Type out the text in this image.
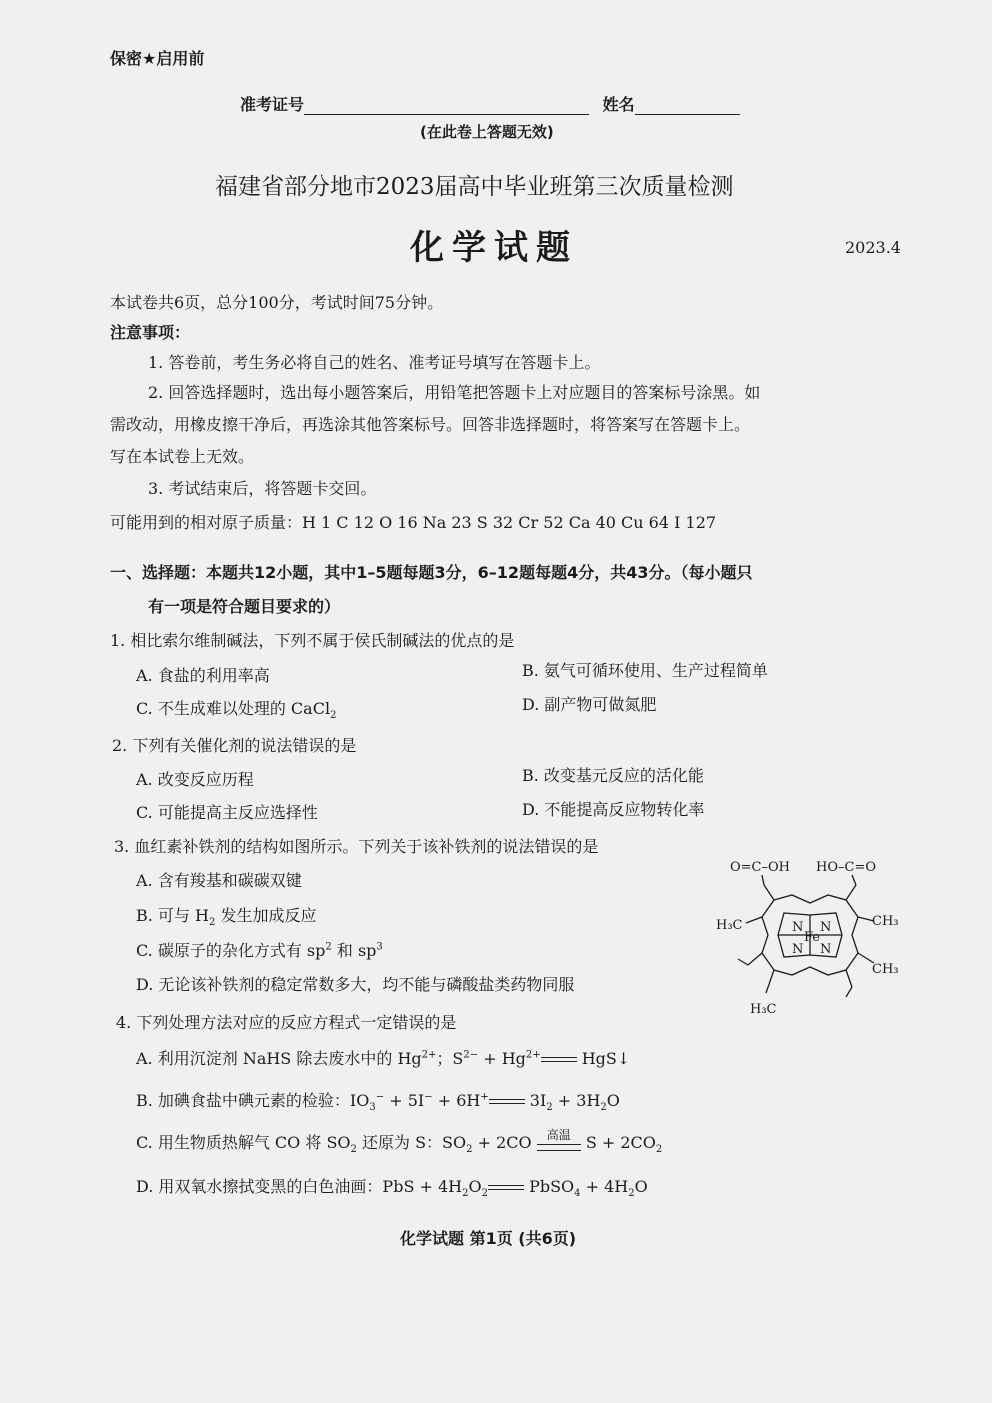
保密★启用前
准考证号	姓名
(在此卷上答题无效)
福建省部分地市2023届高中毕业班第三次质量检测
化学试题	2023.4
本试卷共6页，总分100分，考试时间75分钟。
注意事项：
1. 答卷前，考生务必将自己的姓名、准考证号填写在答题卡上。
2. 回答选择题时，选出每小题答案后，用铅笔把答题卡上对应题目的答案标号涂黑。如
需改动，用橡皮擦干净后，再选涂其他答案标号。回答非选择题时，将答案写在答题卡上。
写在本试卷上无效。
3. 考试结束后，将答题卡交回。
可能用到的相对原子质量：H 1 C 12 O 16 Na 23 S 32 Cr 52 Ca 40 Cu 64 I 127
一、选择题：本题共12小题，其中1–5题每题3分，6–12题每题4分，共43分。（每小题只
有一项是符合题目要求的）
1. 相比索尔维制碱法，下列不属于侯氏制碱法的优点的是
A. 食盐的利用率高	B. 氨气可循环使用、生产过程简单
C. 不生成难以处理的 CaCl$_2$
D. 副产物可做氮肥
2. 下列有关催化剂的说法错误的是
A. 改变反应历程	B. 改变基元反应的活化能
C. 可能提高主反应选择性	D. 不能提高反应物转化率
3. 血红素补铁剂的结构如图所示。下列关于该补铁剂的说法错误的是
A. 含有羧基和碳碳双键
B. 可与 $H_2$ 发生加成反应
C. 碳原子的杂化方式有 $sp^2$ 和 $sp^3$
D. 无论该补铁剂的稳定常数多大，均不能与磷酸盐类药物同服
O=C–OH HO–C=O
H₃C	CH₃
CH₃
H₃C
Fe
N N
N N
4. 下列处理方法对应的反应方程式一定错误的是
A. 利用沉淀剂 NaHS 除去废水中的 $Hg^{2+}$；$S^{2-} + Hg^{2+}$ HgS↓
B. 加碘食盐中碘元素的检验：$IO_3^- + 5I^- + 6H^+$ $3I_2 + 3H_2O$
C. 用生物质热解气 CO 将 $SO_2$ 还原为 S：$SO_2 + 2CO$	高温 $S + 2CO_2$
D. 用双氧水擦拭变黑的白色油画：PbS + $4H_2O_2$ PbSO$_4$ + $4H_2O$
化学试题 第1页 (共6页)
